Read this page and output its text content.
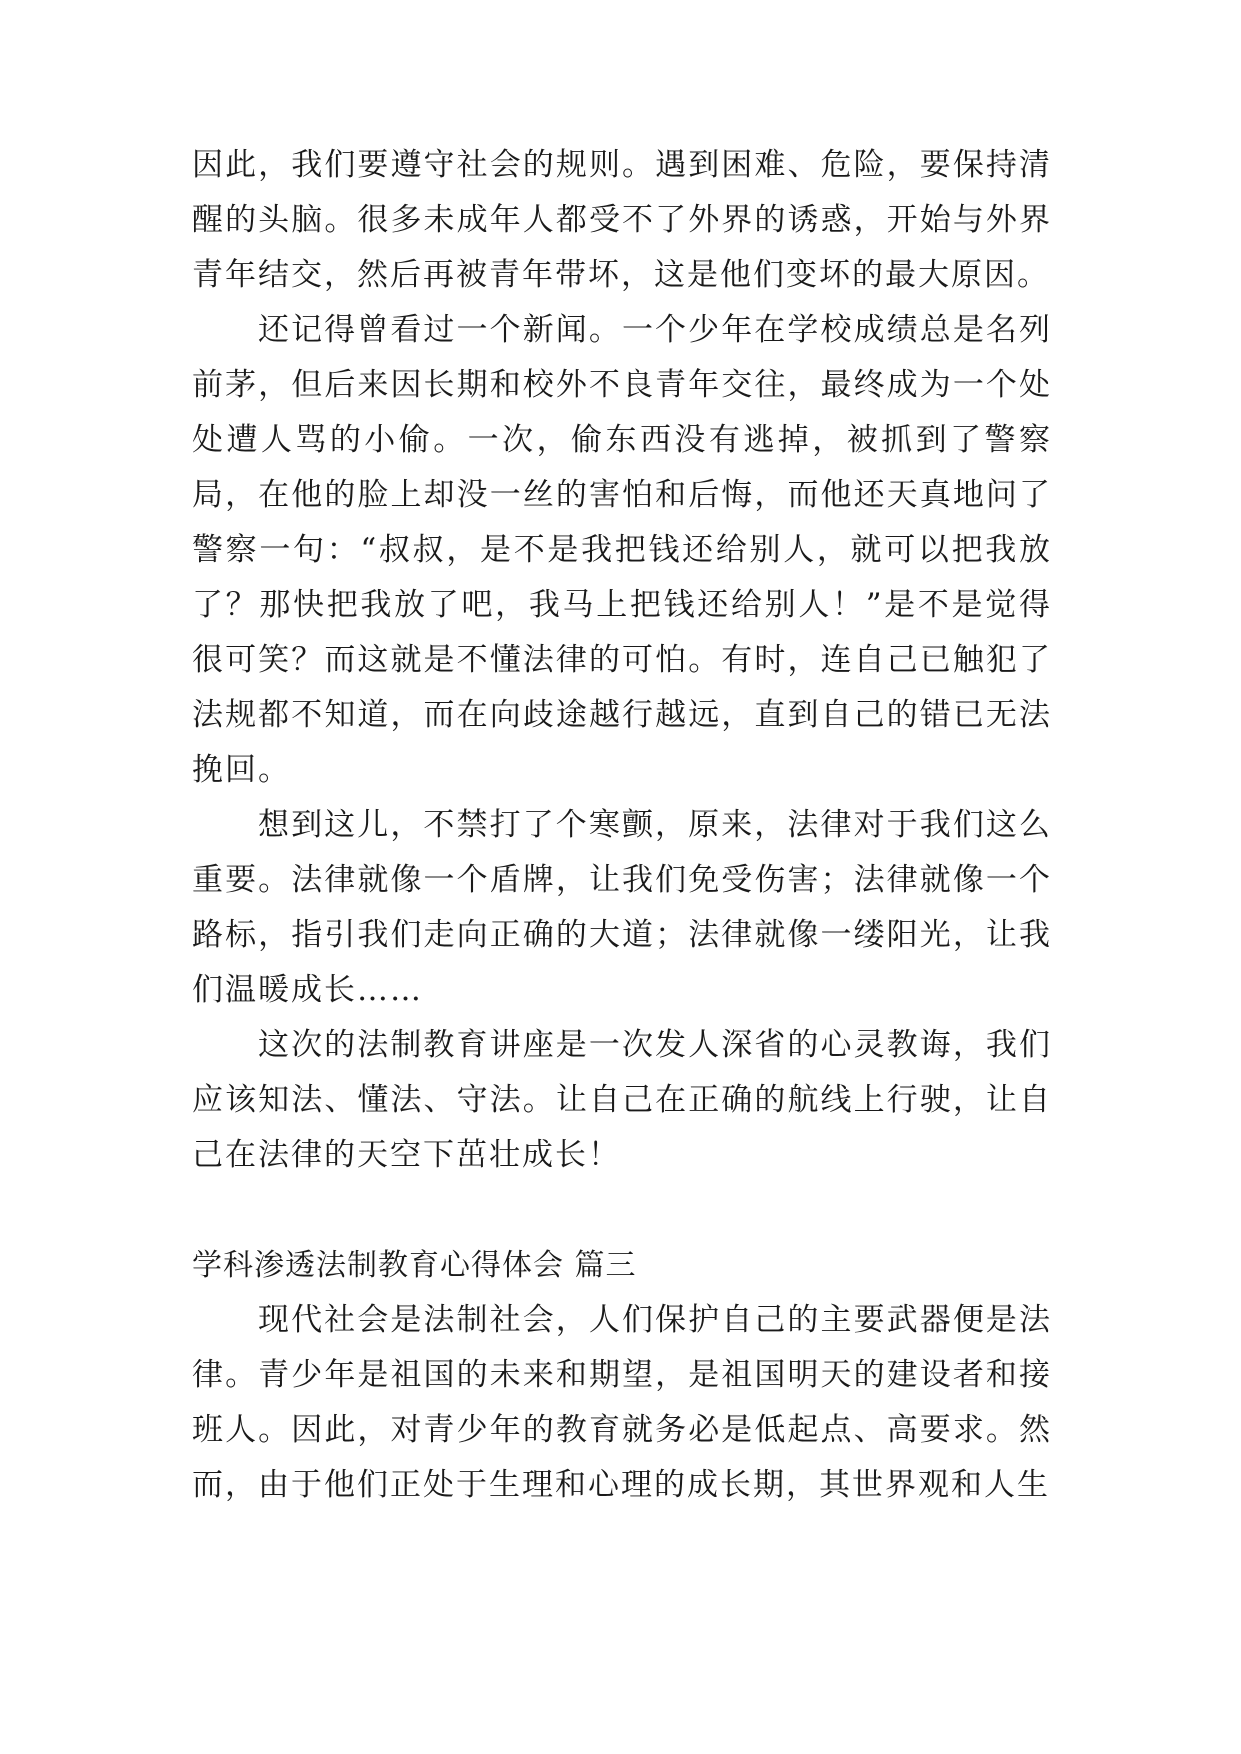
因此，我们要遵守社会的规则。遇到困难、危险，要保持清醒的头脑。很多未成年人都受不了外界的诱惑，开始与外界青年结交，然后再被青年带坏，这是他们变坏的最大原因。

还记得曾看过一个新闻。一个少年在学校成绩总是名列前茅，但后来因长期和校外不良青年交往，最终成为一个处处遭人骂的小偷。一次，偷东西没有逃掉，被抓到了警察局，在他的脸上却没一丝的害怕和后悔，而他还天真地问了警察一句：“叔叔，是不是我把钱还给别人，就可以把我放了？那快把我放了吧，我马上把钱还给别人！”是不是觉得很可笑？而这就是不懂法律的可怕。有时，连自己已触犯了法规都不知道，而在向歧途越行越远，直到自己的错已无法挽回。

想到这儿，不禁打了个寒颤，原来，法律对于我们这么重要。法律就像一个盾牌，让我们免受伤害；法律就像一个路标，指引我们走向正确的大道；法律就像一缕阳光，让我们温暖成长……

这次的法制教育讲座是一次发人深省的心灵教诲，我们应该知法、懂法、守法。让自己在正确的航线上行驶，让自己在法律的天空下茁壮成长！

学科渗透法制教育心得体会 篇三

现代社会是法制社会，人们保护自己的主要武器便是法律。青少年是祖国的未来和期望，是祖国明天的建设者和接班人。因此，对青少年的教育就务必是低起点、高要求。然而，由于他们正处于生理和心理的成长期，其世界观和人生
